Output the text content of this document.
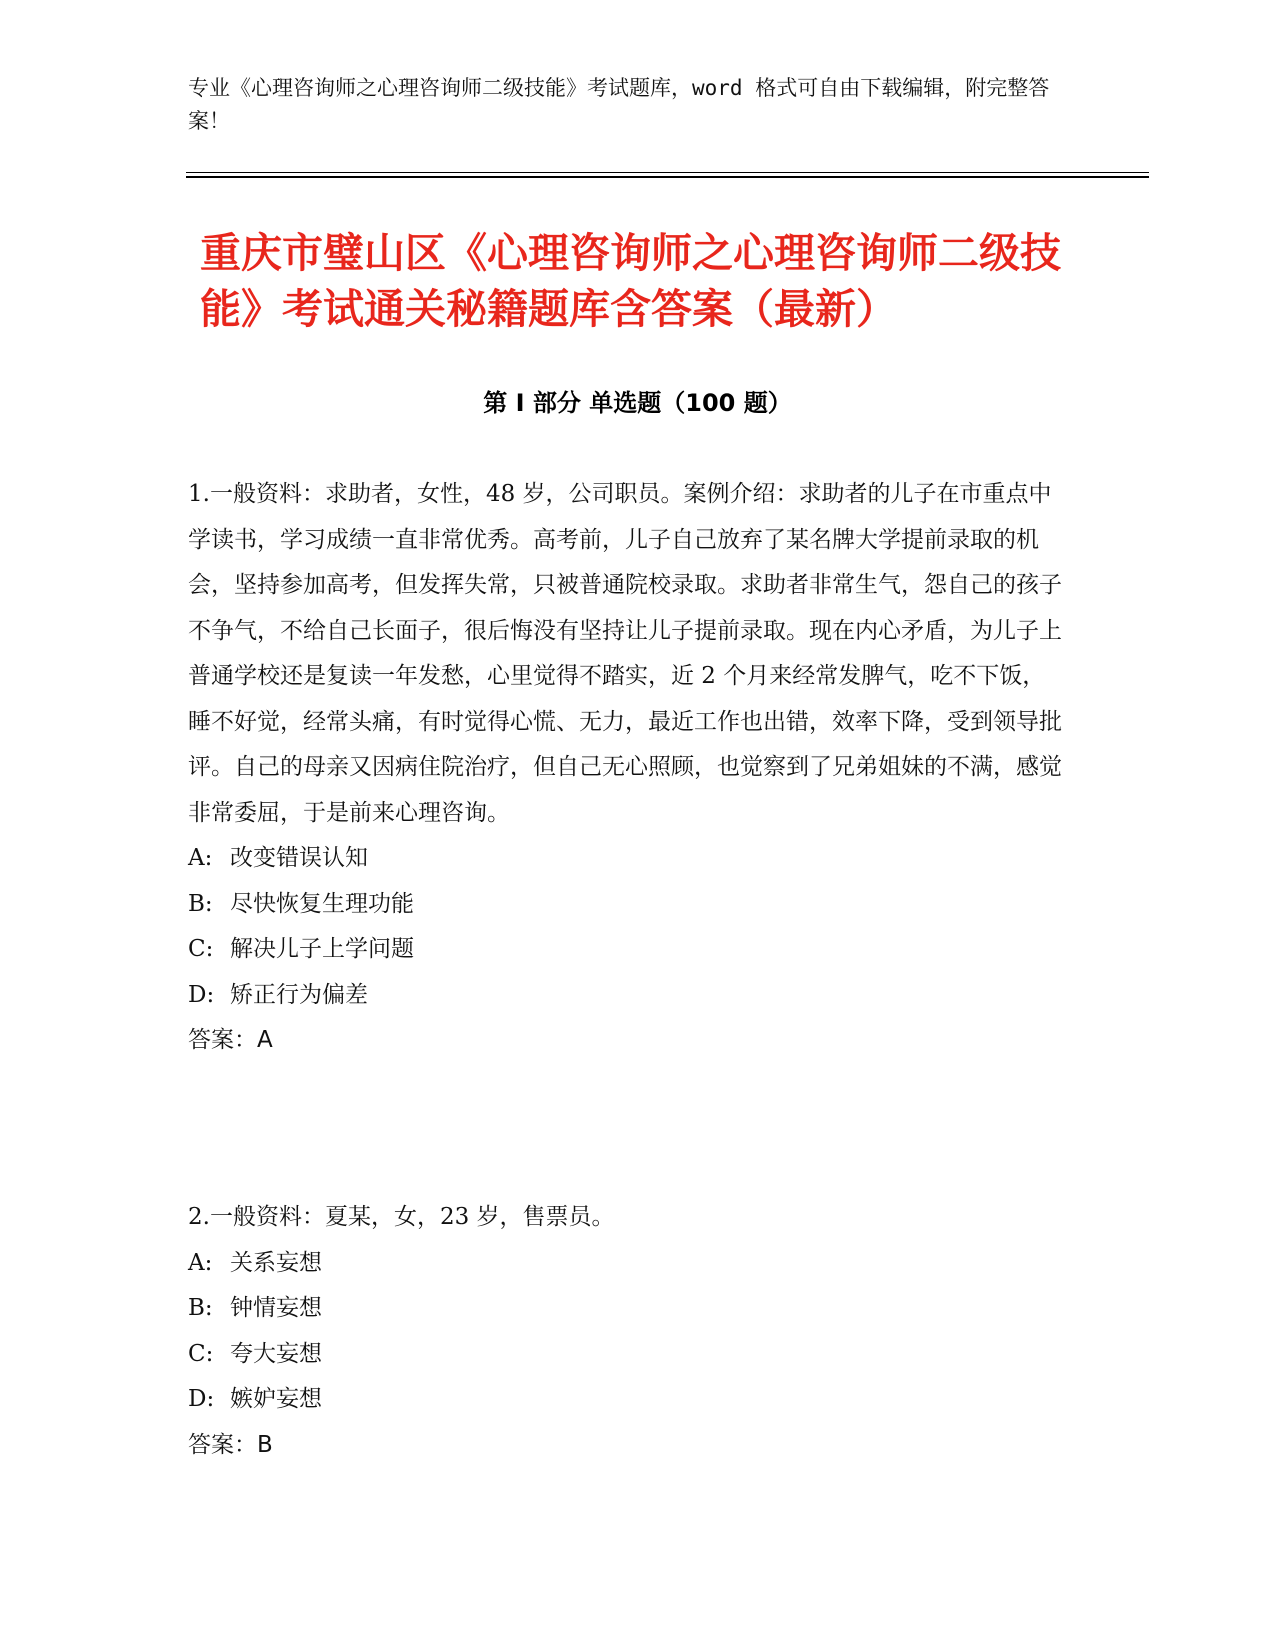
专业《心理咨询师之心理咨询师二级技能》考试题库，word 格式可自由下载编辑，附完整答案！
重庆市璧山区《心理咨询师之心理咨询师二级技能》考试通关秘籍题库含答案（最新）
第 I 部分 单选题（100 题）

1.一般资料：求助者，女性，48 岁，公司职员。案例介绍：求助者的儿子在市重点中学读书，学习成绩一直非常优秀。高考前，儿子自己放弃了某名牌大学提前录取的机会，坚持参加高考，但发挥失常，只被普通院校录取。求助者非常生气，怨自己的孩子不争气，不给自己长面子，很后悔没有坚持让儿子提前录取。现在内心矛盾，为儿子上普通学校还是复读一年发愁，心里觉得不踏实，近 2 个月来经常发脾气，吃不下饭，睡不好觉，经常头痛，有时觉得心慌、无力，最近工作也出错，效率下降，受到领导批评。自己的母亲又因病住院治疗，但自己无心照顾，也觉察到了兄弟姐妹的不满，感觉非常委屈，于是前来心理咨询。

A: 改变错误认知

B: 尽快恢复生理功能

C: 解决儿子上学问题

D: 矫正行为偏差

答案：A

2.一般资料：夏某，女，23 岁，售票员。

A: 关系妄想

B: 钟情妄想

C: 夸大妄想

D: 嫉妒妄想

答案：B
